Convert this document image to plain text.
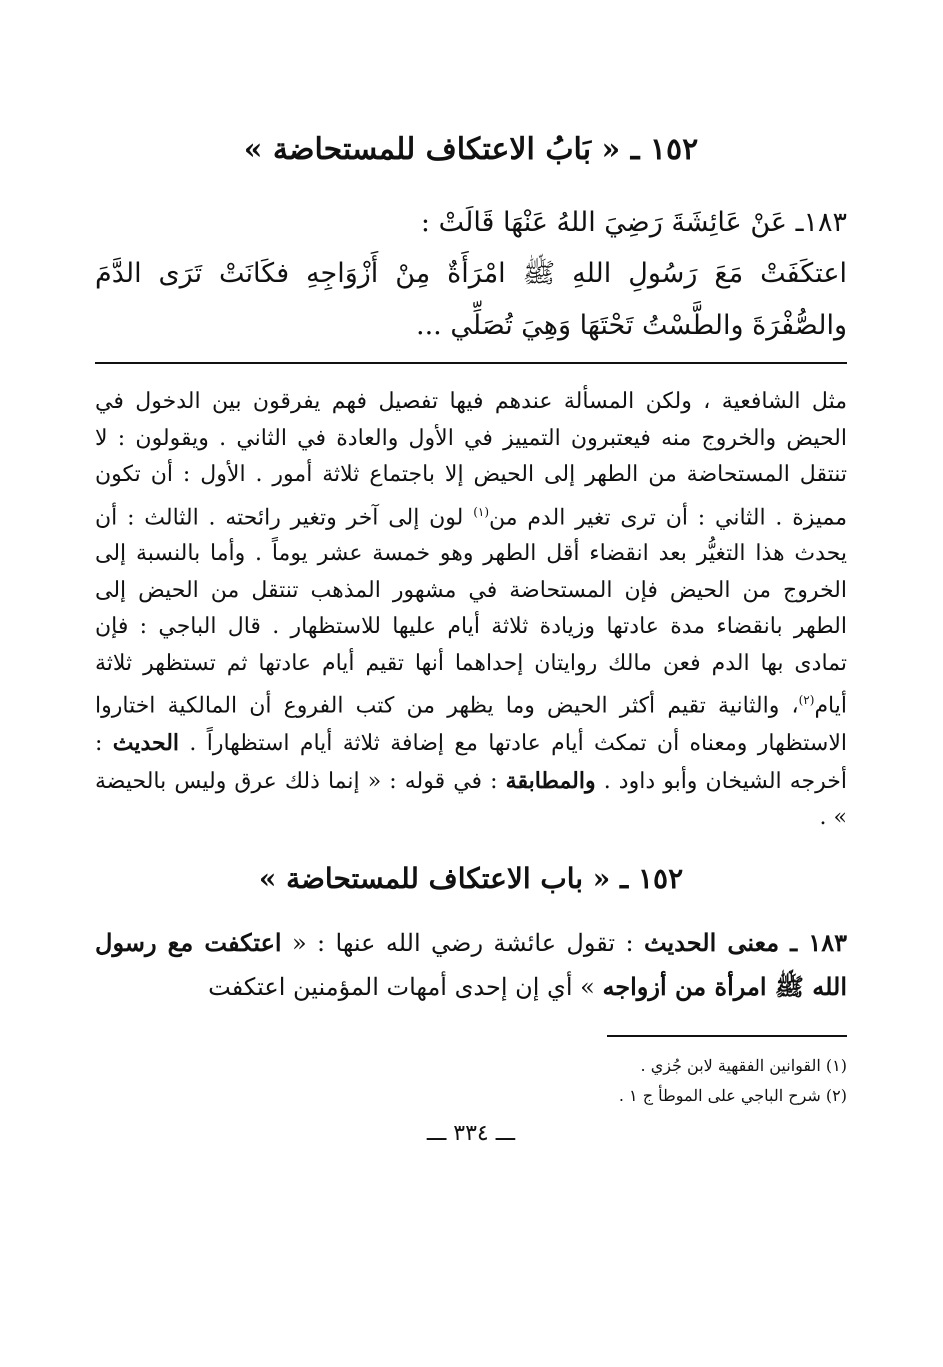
١٥٢ ـ « بَابُ الاعتكاف للمستحاضة »
١٨٣ـ عَنْ عَائِشَةَ رَضِيَ اللهُ عَنْهَا قَالَتْ :
اعتكَفَتْ مَعَ رَسُولِ اللهِ ﷺ امْرَأَةٌ مِنْ أَزْوَاجِهِ فكَانَتْ تَرَى الدَّمَ والصُّفْرَةَ والطَّسْتُ تَحْتَهَا وَهِيَ تُصَلِّي ...
مثل الشافعية ، ولكن المسألة عندهم فيها تفصيل فهم يفرقون بين الدخول في الحيض والخروج منه فيعتبرون التمييز في الأول والعادة في الثاني . ويقولون : لا تنتقل المستحاضة من الطهر إلى الحيض إلا باجتماع ثلاثة أمور . الأول : أن تكون مميزة . الثاني : أن ترى تغير الدم من$^{(١)}$ لون إلى آخر وتغير رائحته . الثالث : أن يحدث هذا التغيُّر بعد انقضاء أقل الطهر وهو خمسة عشر يوماً . وأما بالنسبة إلى الخروج من الحيض فإن المستحاضة في مشهور المذهب تنتقل من الحيض إلى الطهر بانقضاء مدة عادتها وزيادة ثلاثة أيام عليها للاستظهار . قال الباجي : فإن تمادى بها الدم فعن مالك روايتان إحداهما أنها تقيم أيام عادتها ثم تستظهر ثلاثة أيام$^{(٢)}$، والثانية تقيم أكثر الحيض وما يظهر من كتب الفروع أن المالكية اختاروا الاستظهار ومعناه أن تمكث أيام عادتها مع إضافة ثلاثة أيام استظهاراً . الحديث : أخرجه الشيخان وأبو داود . والمطابقة : في قوله : « إنما ذلك عرق وليس بالحيضة » .
١٥٢ ـ « باب الاعتكاف للمستحاضة »
١٨٣ ـ معنى الحديث : تقول عائشة رضي الله عنها : « اعتكفت مع رسول الله ﷺ امرأة من أزواجه » أي إن إحدى أمهات المؤمنين اعتكفت
(١) القوانين الفقهية لابن جُزي .
(٢) شرح الباجي على الموطأ ج ١ .
ـــ ٣٣٤ ـــ
